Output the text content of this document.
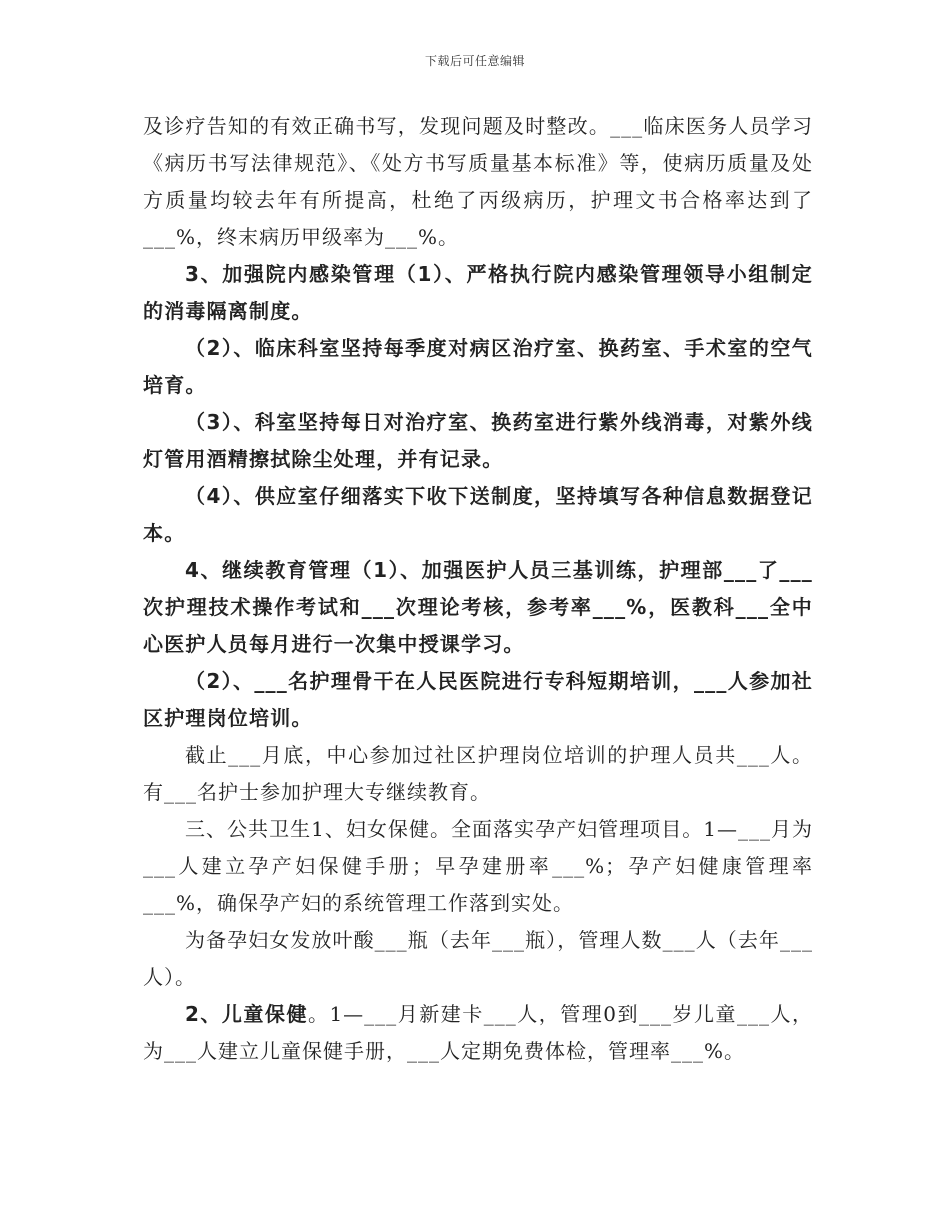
下载后可任意编辑

及诊疗告知的有效正确书写，发现问题及时整改。___临床医务人员学习《病历书写法律规范》、《处方书写质量基本标准》等，使病历质量及处方质量均较去年有所提高，杜绝了丙级病历，护理文书合格率达到了___%，终末病历甲级率为___%。

3、加强院内感染管理（1）、严格执行院内感染管理领导小组制定的消毒隔离制度。

（2）、临床科室坚持每季度对病区治疗室、换药室、手术室的空气培育。

（3）、科室坚持每日对治疗室、换药室进行紫外线消毒，对紫外线灯管用酒精擦拭除尘处理，并有记录。

（4）、供应室仔细落实下收下送制度，坚持填写各种信息数据登记本。

4、继续教育管理（1）、加强医护人员三基训练，护理部___了___次护理技术操作考试和___次理论考核，参考率___%，医教科___全中心医护人员每月进行一次集中授课学习。

（2）、___名护理骨干在人民医院进行专科短期培训，___人参加社区护理岗位培训。

截止___月底，中心参加过社区护理岗位培训的护理人员共___人。有___名护士参加护理大专继续教育。

三、公共卫生1、妇女保健。全面落实孕产妇管理项目。1—___月为___人建立孕产妇保健手册；早孕建册率___%；孕产妇健康管理率___%，确保孕产妇的系统管理工作落到实处。

为备孕妇女发放叶酸___瓶（去年___瓶），管理人数___人（去年___人）。

2、儿童保健。1—___月新建卡___人，管理0到___岁儿童___人，为___人建立儿童保健手册，___人定期免费体检，管理率___%。
